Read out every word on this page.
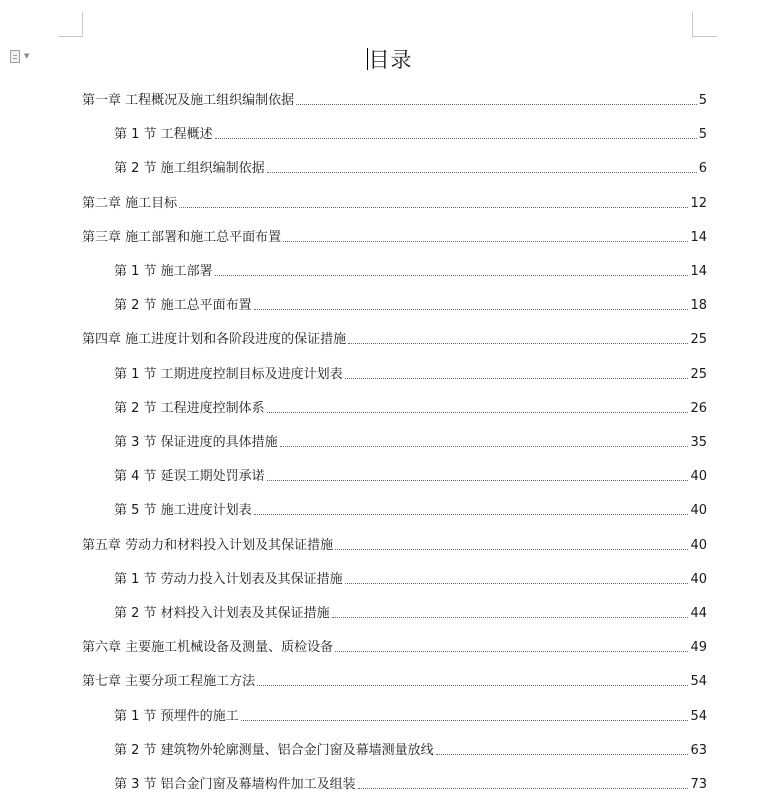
▼	目录
第一章 工程概况及施工组织编制依据	5
第 1 节 工程概述	5
第 2 节 施工组织编制依据	6
第二章 施工目标	12
第三章 施工部署和施工总平面布置	14
第 1 节 施工部署	14
第 2 节 施工总平面布置	18
第四章 施工进度计划和各阶段进度的保证措施	25
第 1 节 工期进度控制目标及进度计划表	25
第 2 节 工程进度控制体系	26
第 3 节 保证进度的具体措施	35
第 4 节 延误工期处罚承诺	40
第 5 节 施工进度计划表	40
第五章 劳动力和材料投入计划及其保证措施	40
第 1 节 劳动力投入计划表及其保证措施	40
第 2 节 材料投入计划表及其保证措施	44
第六章 主要施工机械设备及测量、质检设备	49
第七章 主要分项工程施工方法	54
第 1 节 预埋件的施工	54
第 2 节 建筑物外轮廓测量、铝合金门窗及幕墙测量放线	63
第 3 节 铝合金门窗及幕墙构件加工及组装	73
